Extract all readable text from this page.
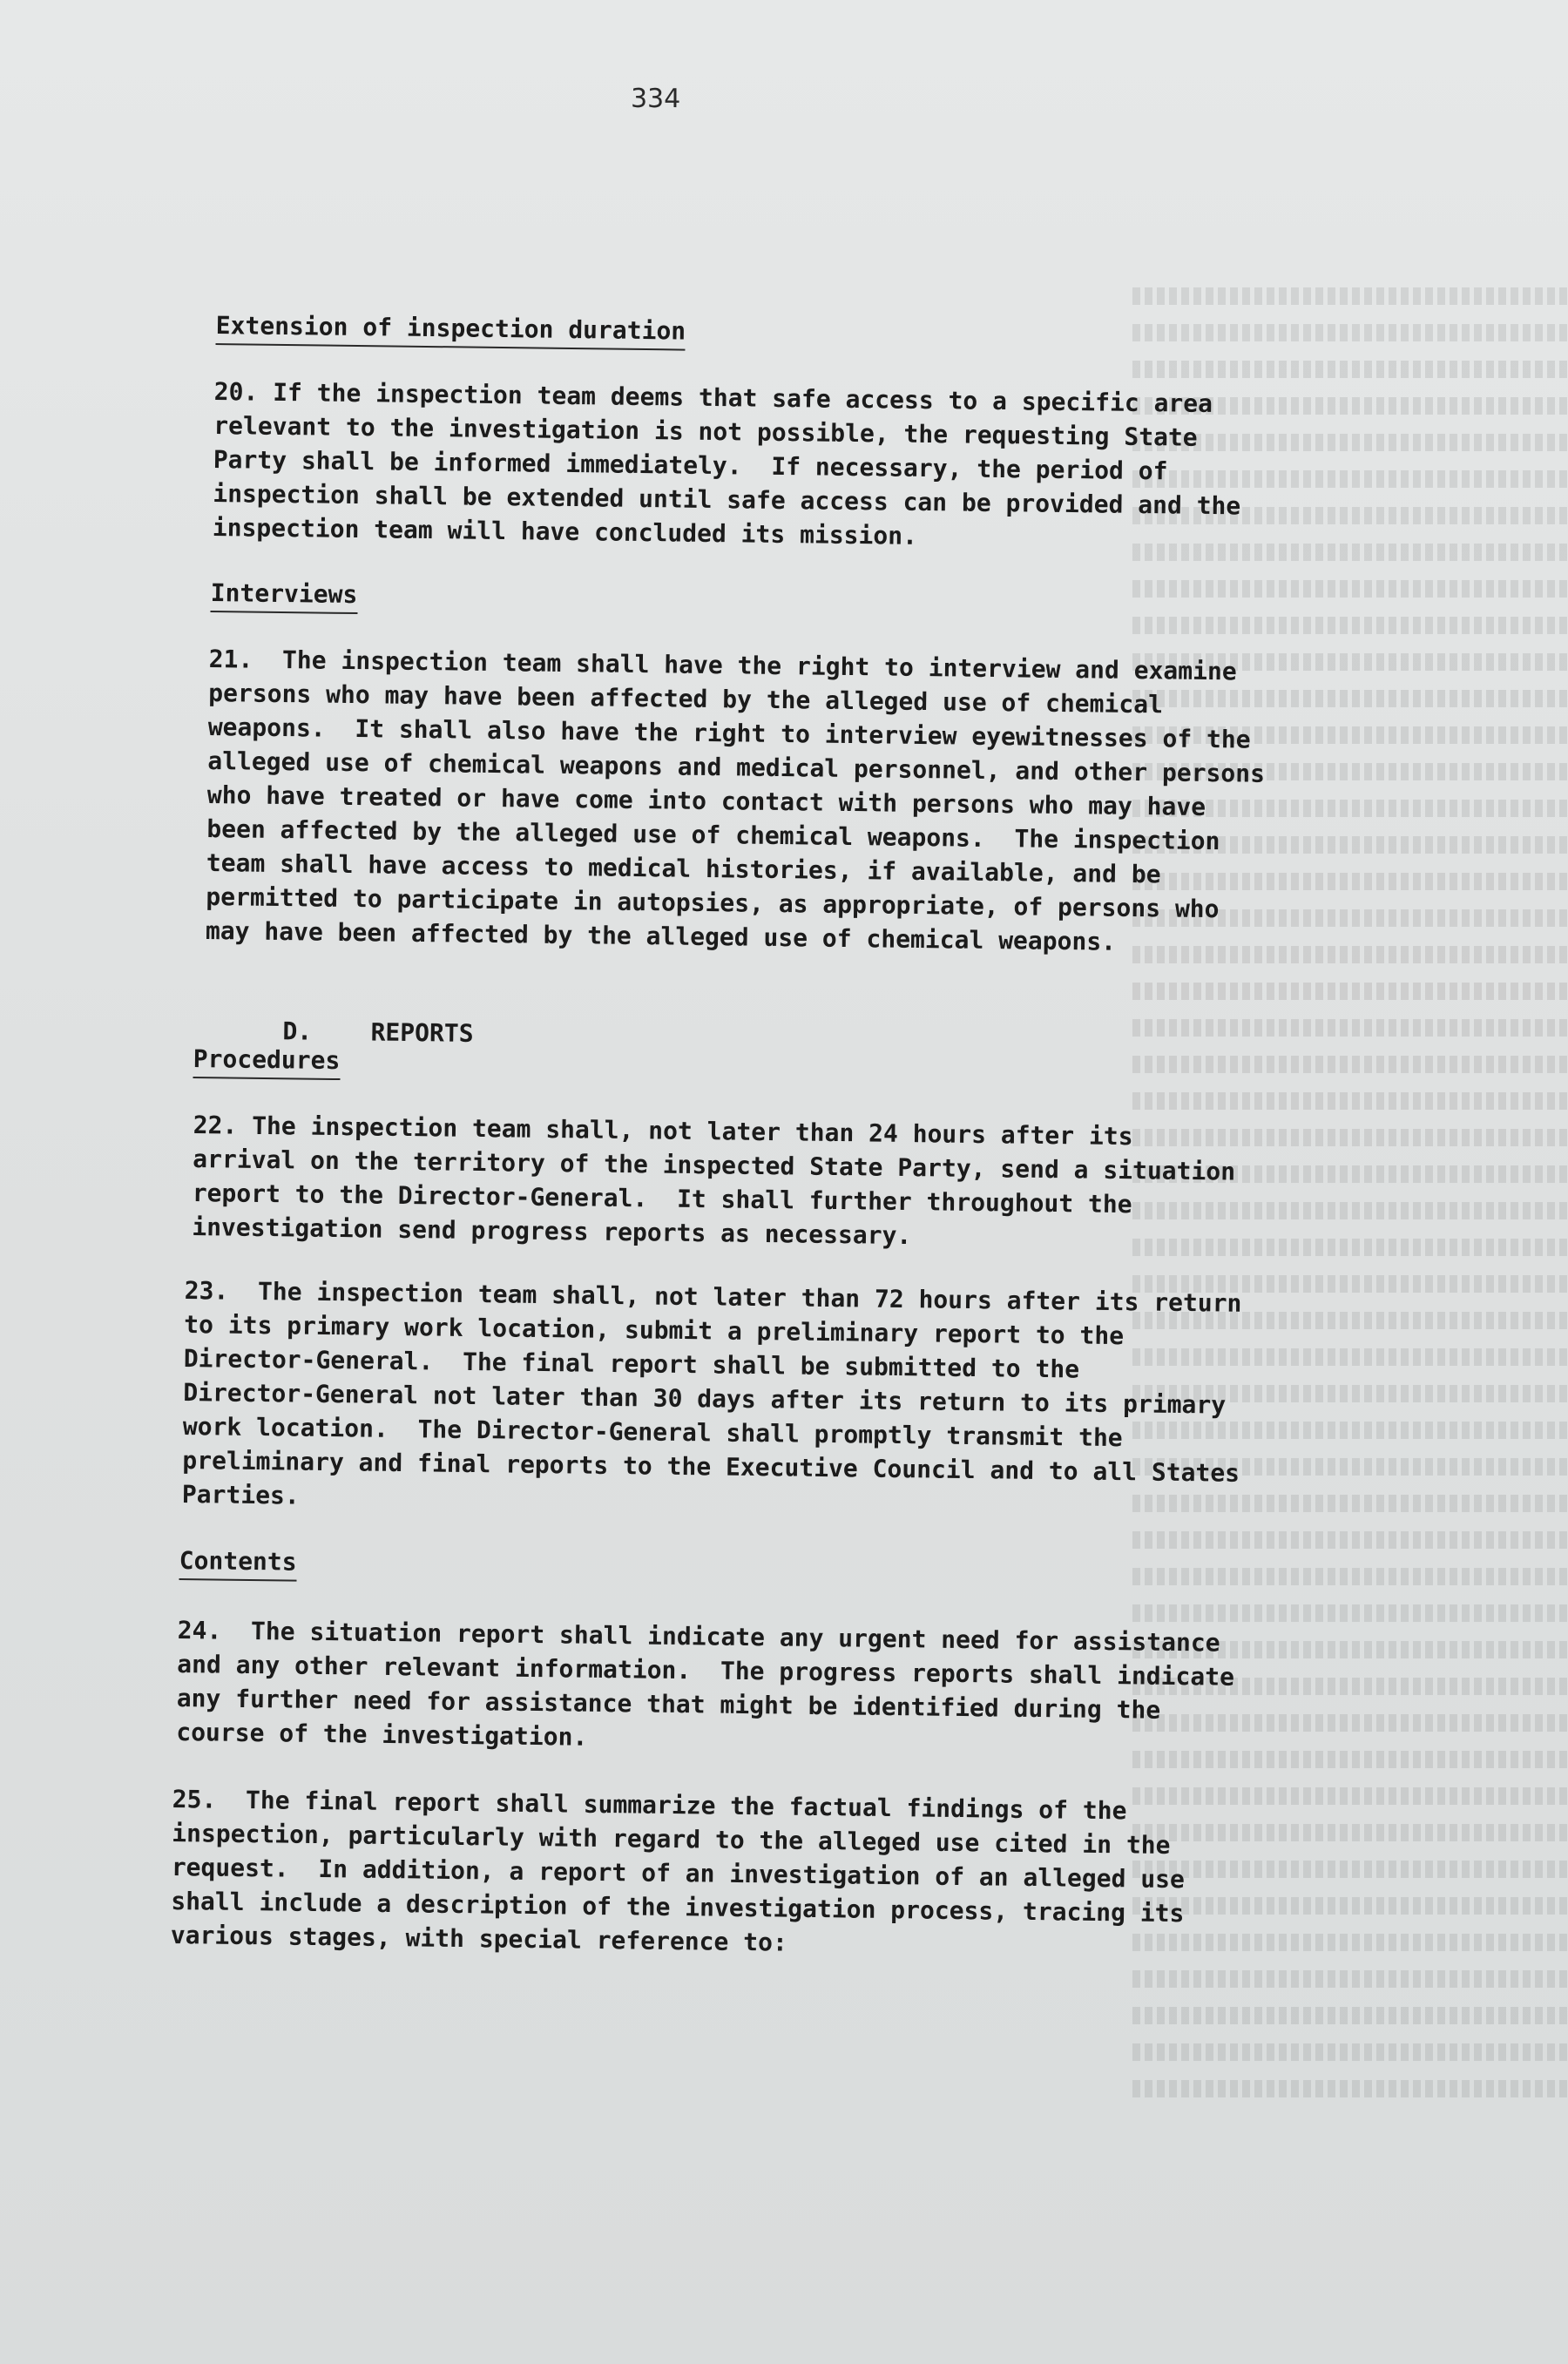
334
Extension of inspection duration

20. If the inspection team deems that safe access to a specific area

relevant to the investigation is not possible, the requesting State

Party shall be informed immediately.  If necessary, the period of

inspection shall be extended until safe access can be provided and the

inspection team will have concluded its mission.

Interviews

21.  The inspection team shall have the right to interview and examine

persons who may have been affected by the alleged use of chemical

weapons.  It shall also have the right to interview eyewitnesses of the

alleged use of chemical weapons and medical personnel, and other persons

who have treated or have come into contact with persons who may have

been affected by the alleged use of chemical weapons.  The inspection

team shall have access to medical histories, if available, and be

permitted to participate in autopsies, as appropriate, of persons who

may have been affected by the alleged use of chemical weapons.

D.    REPORTS

Procedures

22. The inspection team shall, not later than 24 hours after its

arrival on the territory of the inspected State Party, send a situation

report to the Director-General.  It shall further throughout the

investigation send progress reports as necessary.

23.  The inspection team shall, not later than 72 hours after its return

to its primary work location, submit a preliminary report to the

Director-General.  The final report shall be submitted to the

Director-General not later than 30 days after its return to its primary

work location.  The Director-General shall promptly transmit the

preliminary and final reports to the Executive Council and to all States

Parties.

Contents

24.  The situation report shall indicate any urgent need for assistance

and any other relevant information.  The progress reports shall indicate

any further need for assistance that might be identified during the

course of the investigation.

25.  The final report shall summarize the factual findings of the

inspection, particularly with regard to the alleged use cited in the

request.  In addition, a report of an investigation of an alleged use

shall include a description of the investigation process, tracing its

various stages, with special reference to:
